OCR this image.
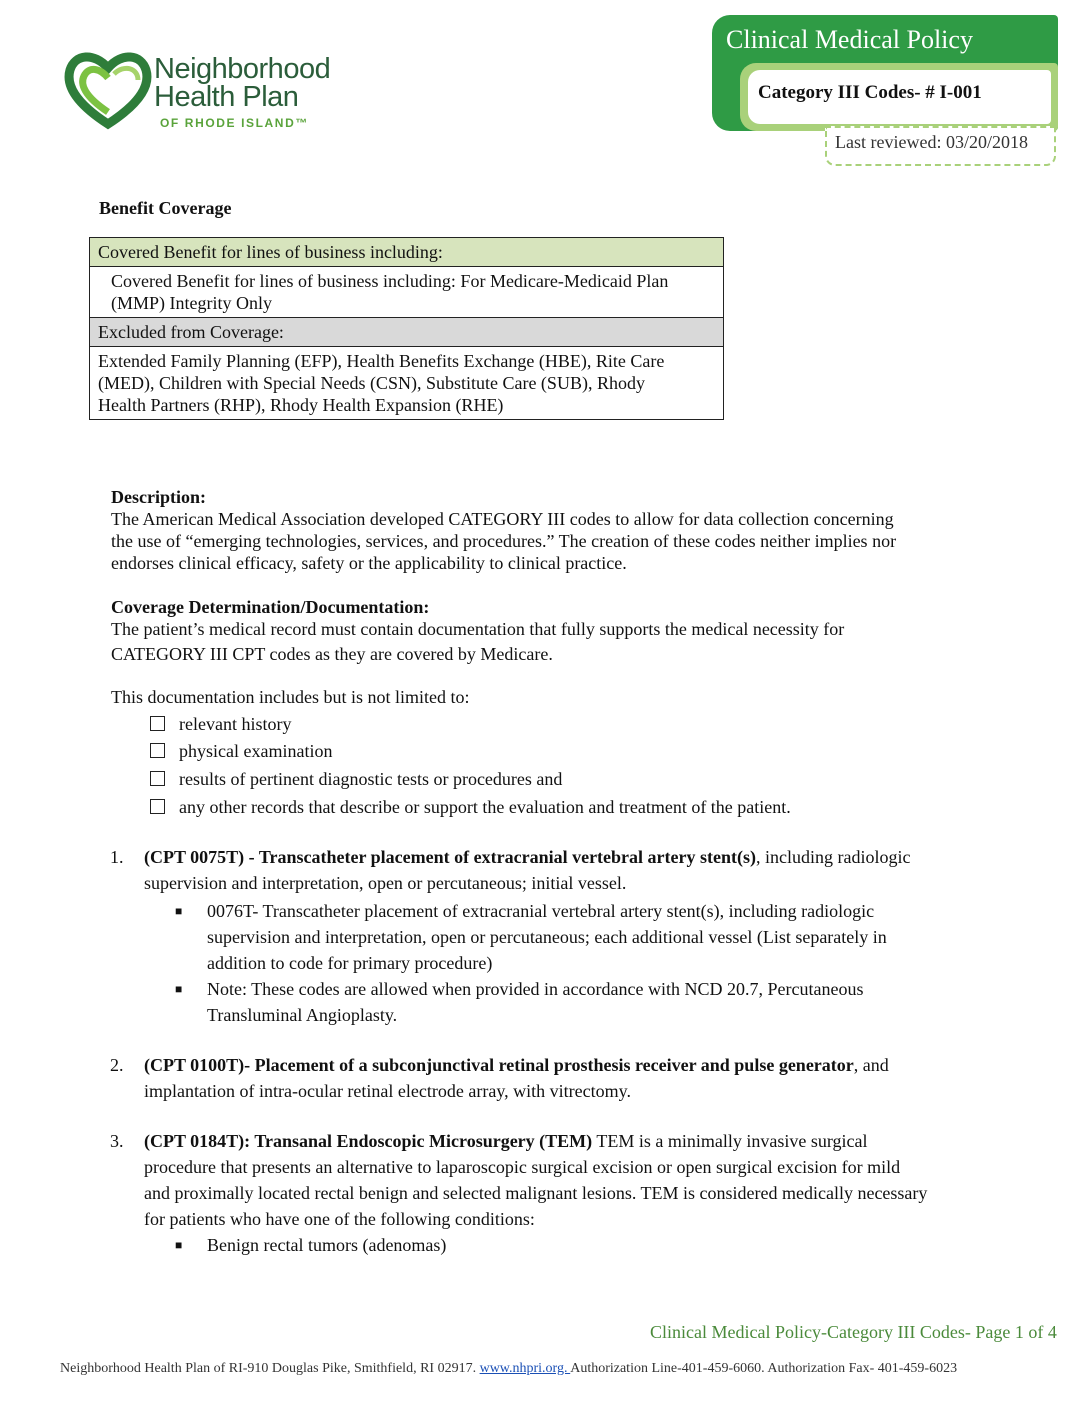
Neighborhood
Health Plan
OF RHODE ISLAND™
Clinical Medical Policy
Category III Codes- # I-001
Last reviewed: 03/20/2018
Benefit Coverage
Covered Benefit for lines of business including:

Covered Benefit for lines of business including: For Medicare-Medicaid Plan
(MMP) Integrity Only

Excluded from Coverage:

Extended Family Planning (EFP), Health Benefits Exchange (HBE), Rite Care
(MED), Children with Special Needs (CSN), Substitute Care (SUB), Rhody
Health Partners (RHP), Rhody Health Expansion (RHE)
Description:
The American Medical Association developed CATEGORY III codes to allow for data collection concerning
the use of “emerging technologies, services, and procedures.” The creation of these codes neither implies nor
endorses clinical efficacy, safety or the applicability to clinical practice.
Coverage Determination/Documentation:
The patient’s medical record must contain documentation that fully supports the medical necessity for
CATEGORY III CPT codes as they are covered by Medicare.
This documentation includes but is not limited to:
relevant history
physical examination
results of pertinent diagnostic tests or procedures and
any other records that describe or support the evaluation and treatment of the patient.
1. (CPT 0075T) - Transcatheter placement of extracranial vertebral artery stent(s), including radiologic
supervision and interpretation, open or percutaneous; initial vessel.
■ 0076T- Transcatheter placement of extracranial vertebral artery stent(s), including radiologic
supervision and interpretation, open or percutaneous; each additional vessel (List separately in
addition to code for primary procedure)
■ Note: These codes are allowed when provided in accordance with NCD 20.7, Percutaneous
Transluminal Angioplasty.
2. (CPT 0100T)- Placement of a subconjunctival retinal prosthesis receiver and pulse generator, and
implantation of intra-ocular retinal electrode array, with vitrectomy.
3. (CPT 0184T): Transanal Endoscopic Microsurgery (TEM) TEM is a minimally invasive surgical
procedure that presents an alternative to laparoscopic surgical excision or open surgical excision for mild
and proximally located rectal benign and selected malignant lesions. TEM is considered medically necessary
for patients who have one of the following conditions:
■ Benign rectal tumors (adenomas)
Clinical Medical Policy-Category III Codes- Page 1 of 4
Neighborhood Health Plan of RI-910 Douglas Pike, Smithfield, RI 02917. www.nhpri.org. Authorization Line-401-459-6060. Authorization Fax- 401-459-6023
